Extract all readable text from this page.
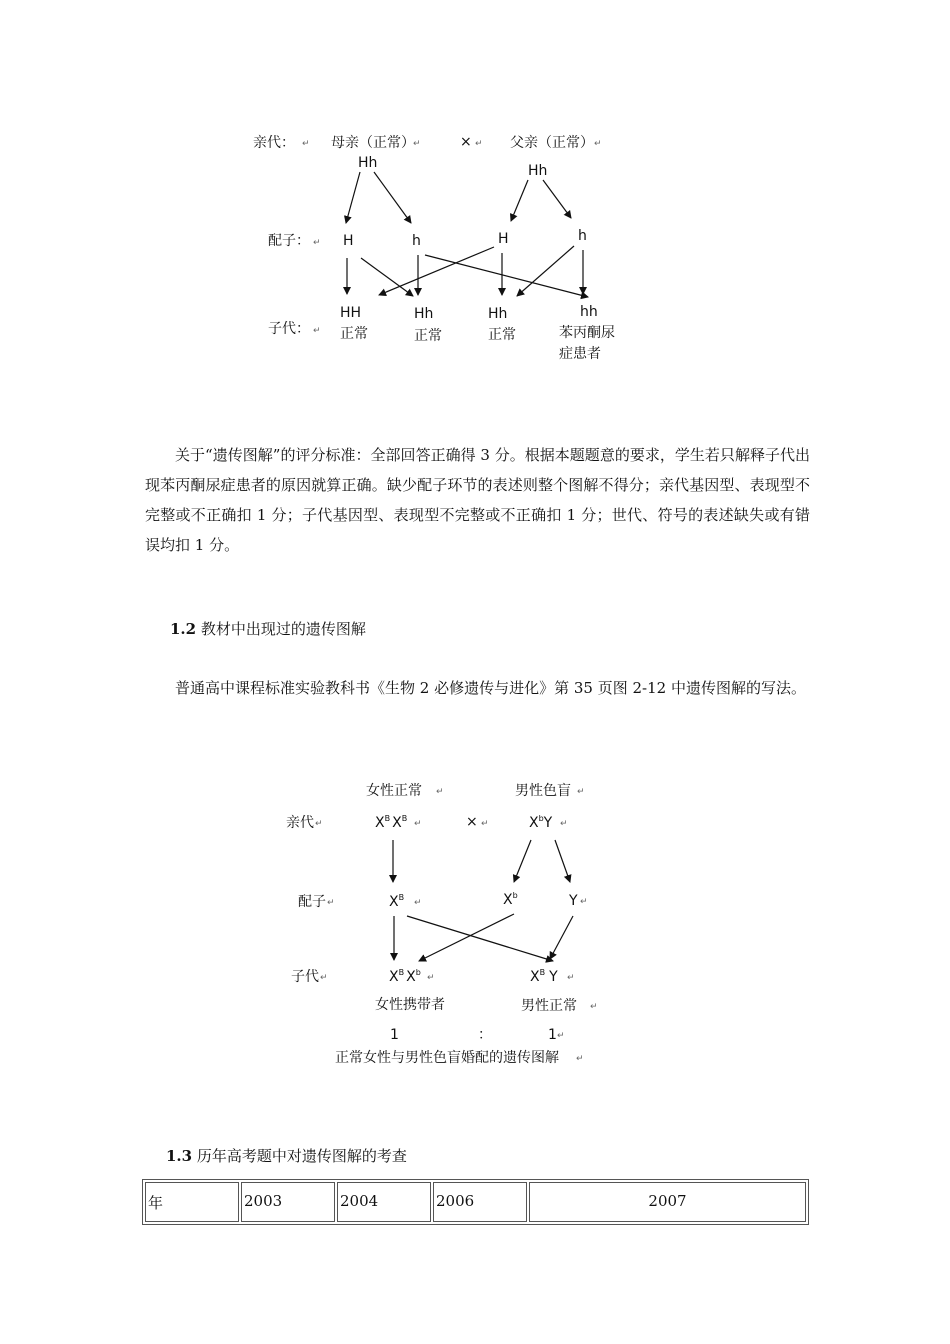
亲代： ↵ 母亲（正常）
↵	× ↵ 父亲（正常） ↵
Hh	Hh
配子： ↵ H	h	H	h
子代： ↵
HH
正常
Hh
正常
Hh
正常
hh
苯丙酮尿
症患者
女性正常 ↵	男性色盲 ↵
亲代 ↵	$X^B$ $X^B$
↵	× ↵	$X^bY$ ↵
配子 ↵	$X^B$
↵	$X^b$	Y ↵
子代 ↵	$X^B$ $X^b$
↵	$X^B$ Y ↵
女性携带者	男性正常 ↵
1	：	1 ↵
正常女性与男性色盲婚配的遗传图解 ↵

关于“遗传图解”的评分标准：全部回答正确得 3 分。根据本题题意的要求，学生若只解释子代出现苯丙酮尿症患者的原因就算正确。缺少配子环节的表述则整个图解不得分；亲代基因型、表现型不完整或不正确扣 1 分；子代基因型、表现型不完整或不正确扣 1 分；世代、符号的表述缺失或有错误均扣 1 分。

1.2 教材中出现过的遗传图解

普通高中课程标准实验教科书《生物 2 必修遗传与进化》第 35 页图 2-12 中遗传图解的写法。

1.3 历年高考题中对遗传图解的考查

年	2003	2004	2006	2007
